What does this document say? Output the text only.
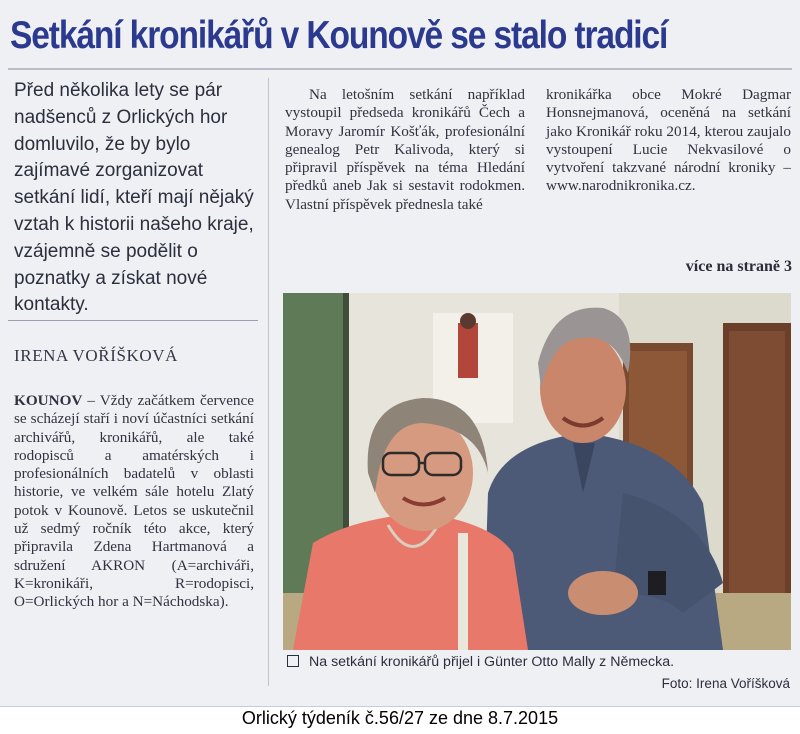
Setkání kronikářů v Kounově se stalo tradicí
Před několika lety se pár nadšenců z Orlických hor domluvilo, že by bylo zajímavé zorganizovat setkání lidí, kteří mají nějaký vztah k historii našeho kraje, vzájemně se podělit o poznatky a získat nové kontakty.
IRENA VOŘÍŠKOVÁ
KOUNOV – Vždy začátkem července se scházejí staří i noví účastníci setkání archivářů, kronikářů, ale také rodopisců a amatérských i profesionálních badatelů v oblasti historie, ve velkém sále hotelu Zlatý potok v Kounově. Letos se uskutečnil už sedmý ročník této akce, který připravila Zdena Hartmanová a sdružení AKRON (A=archiváři, K=kronikáři, R=rodopisci, O=Orlických hor a N=Náchodska).
Na letošním setkání například vystoupil předseda kronikářů Čech a Moravy Jaromír Košťák, profesionální genealog Petr Kalivoda, který si připravil příspěvek na téma Hledání předků aneb Jak si sestavit rodokmen. Vlastní příspěvek přednesla také
kronikářka obce Mokré Dagmar Honsnejmanová, oceněná na setkání jako Kronikář roku 2014, kterou zaujalo vystoupení Lucie Nekvasilové o vytvoření takzvané národní kroniky – www.narodnikronika.cz.
více na straně 3
Na setkání kronikářů přijel i Günter Otto Mally z Německa.
Foto: Irena Voříšková
Orlický týdeník č.56/27 ze dne 8.7.2015
